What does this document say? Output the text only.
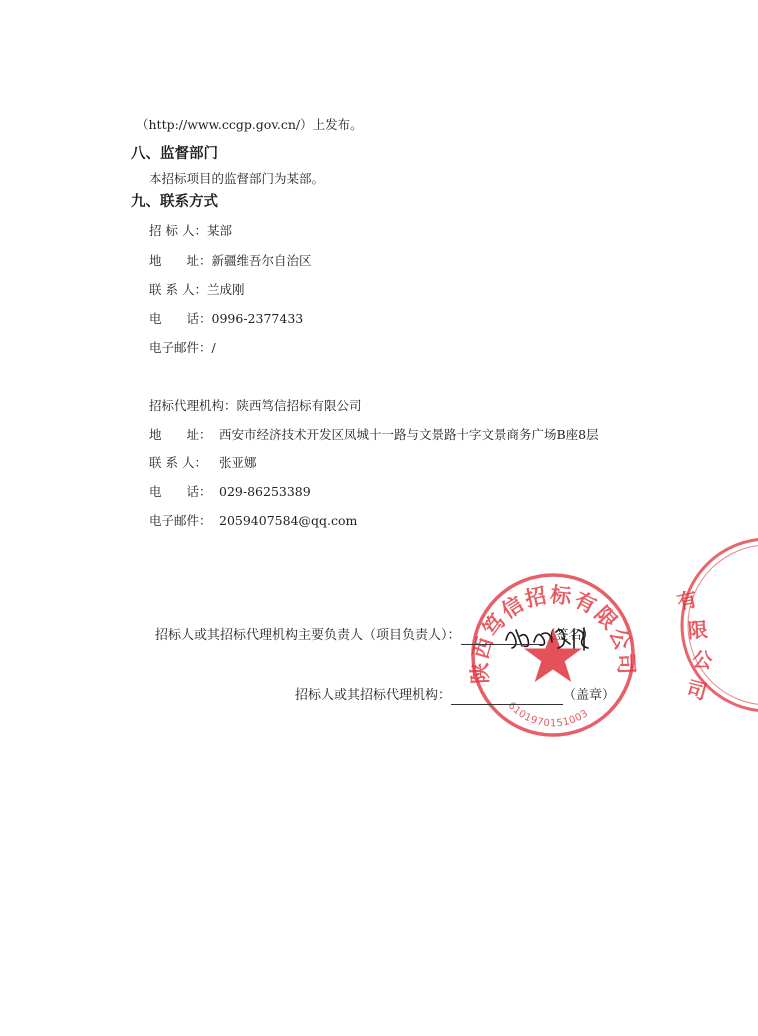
（http://www.ccgp.gov.cn/）上发布。
八、监督部门
本招标项目的监督部门为某部。
九、联系方式
招 标 人：某部
地　　址：新疆维吾尔自治区
联 系 人：兰成刚
电　　话：0996-2377433
电子邮件：/
招标代理机构：陕西笃信招标有限公司
地　　址： 西安市经济技术开发区凤城十一路与文景路十字文景商务广场B座8层
联 系 人： 张亚娜
电　　话： 029-86253389
电子邮件： 2059407584@qq.com
有
限
公
司
陕西笃信招标有限公司
6101970151003
招标人或其招标代理机构主要负责人（项目负责人）：	（签名）
招标人或其招标代理机构：	（盖章）
